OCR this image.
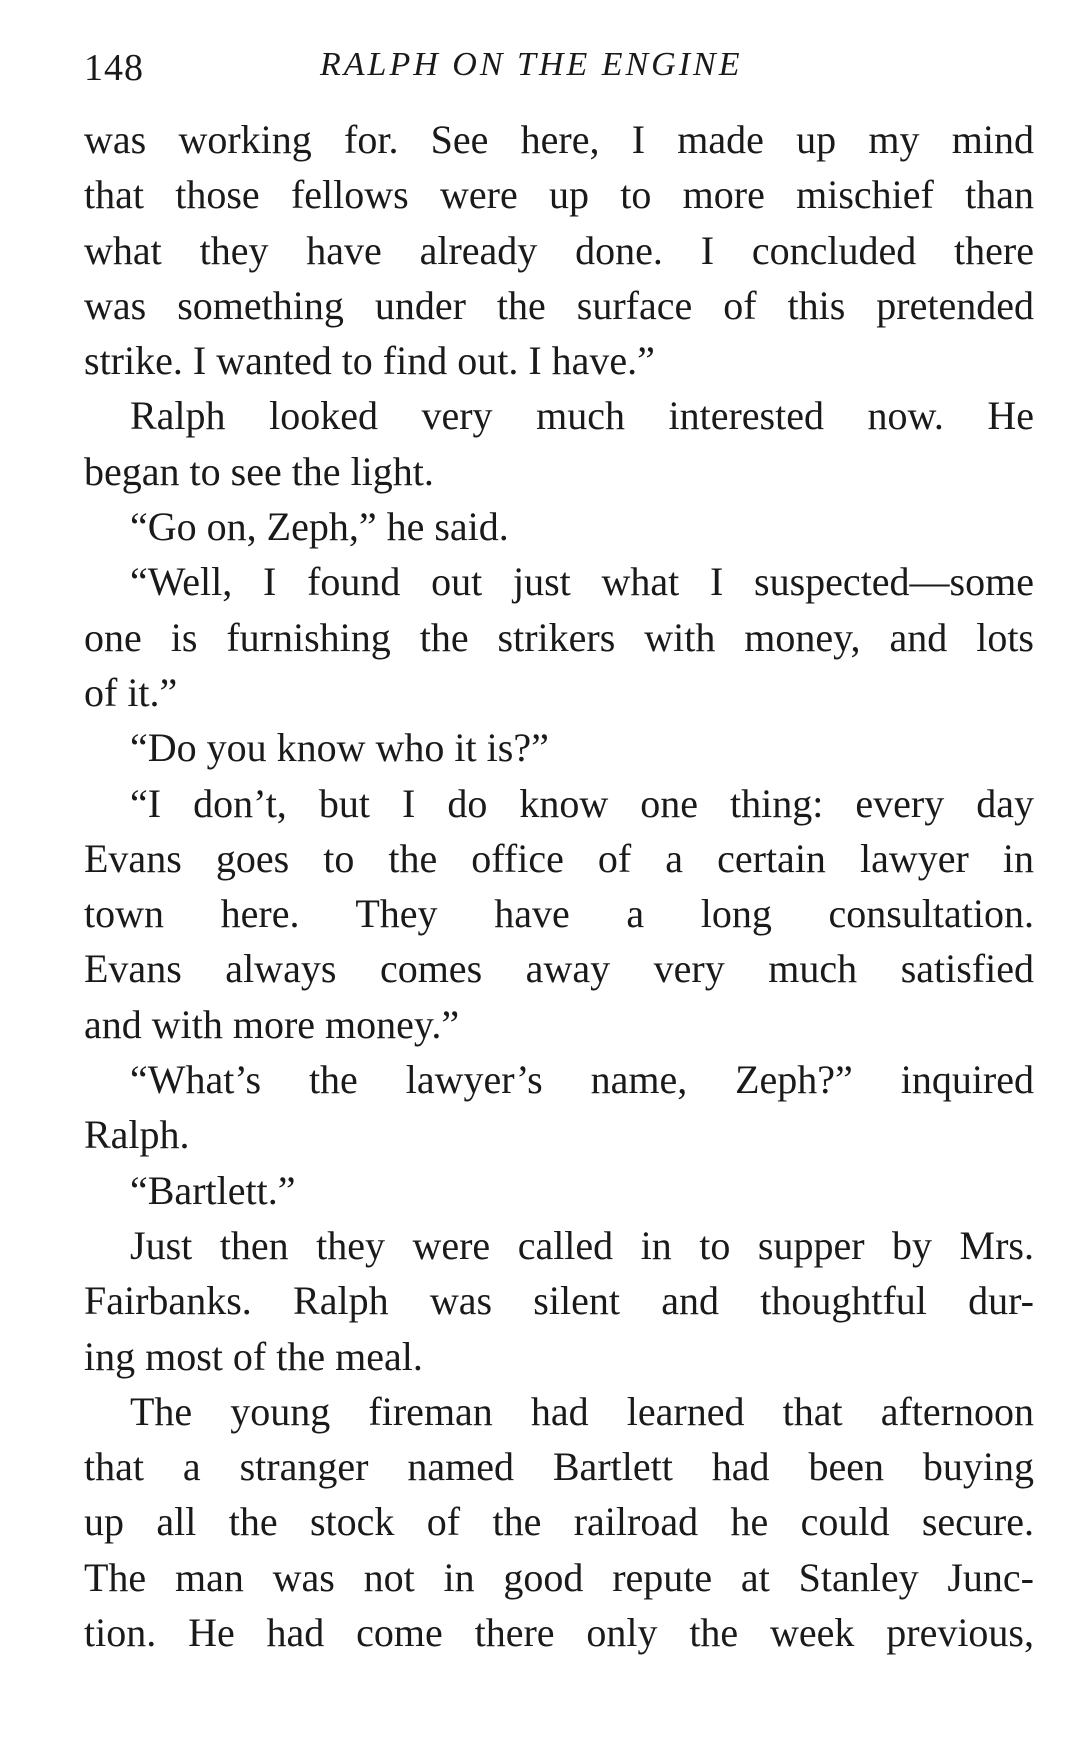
148	RALPH ON THE ENGINE
was working for. See here, I made up my mind
that those fellows were up to more mischief than
what they have already done. I concluded there
was something under the surface of this pretended
strike. I wanted to find out. I have.”
Ralph looked very much interested now. He
began to see the light.
“Go on, Zeph,” he said.
“Well, I found out just what I suspected—some
one is furnishing the strikers with money, and lots
of it.”
“Do you know who it is?”
“I don’t, but I do know one thing: every day
Evans goes to the office of a certain lawyer in
town here. They have a long consultation.
Evans always comes away very much satisfied
and with more money.”
“What’s the lawyer’s name, Zeph?” inquired
Ralph.
“Bartlett.”
Just then they were called in to supper by Mrs.
Fairbanks. Ralph was silent and thoughtful dur-
ing most of the meal.
The young fireman had learned that afternoon
that a stranger named Bartlett had been buying
up all the stock of the railroad he could secure.
The man was not in good repute at Stanley Junc-
tion. He had come there only the week previous,
